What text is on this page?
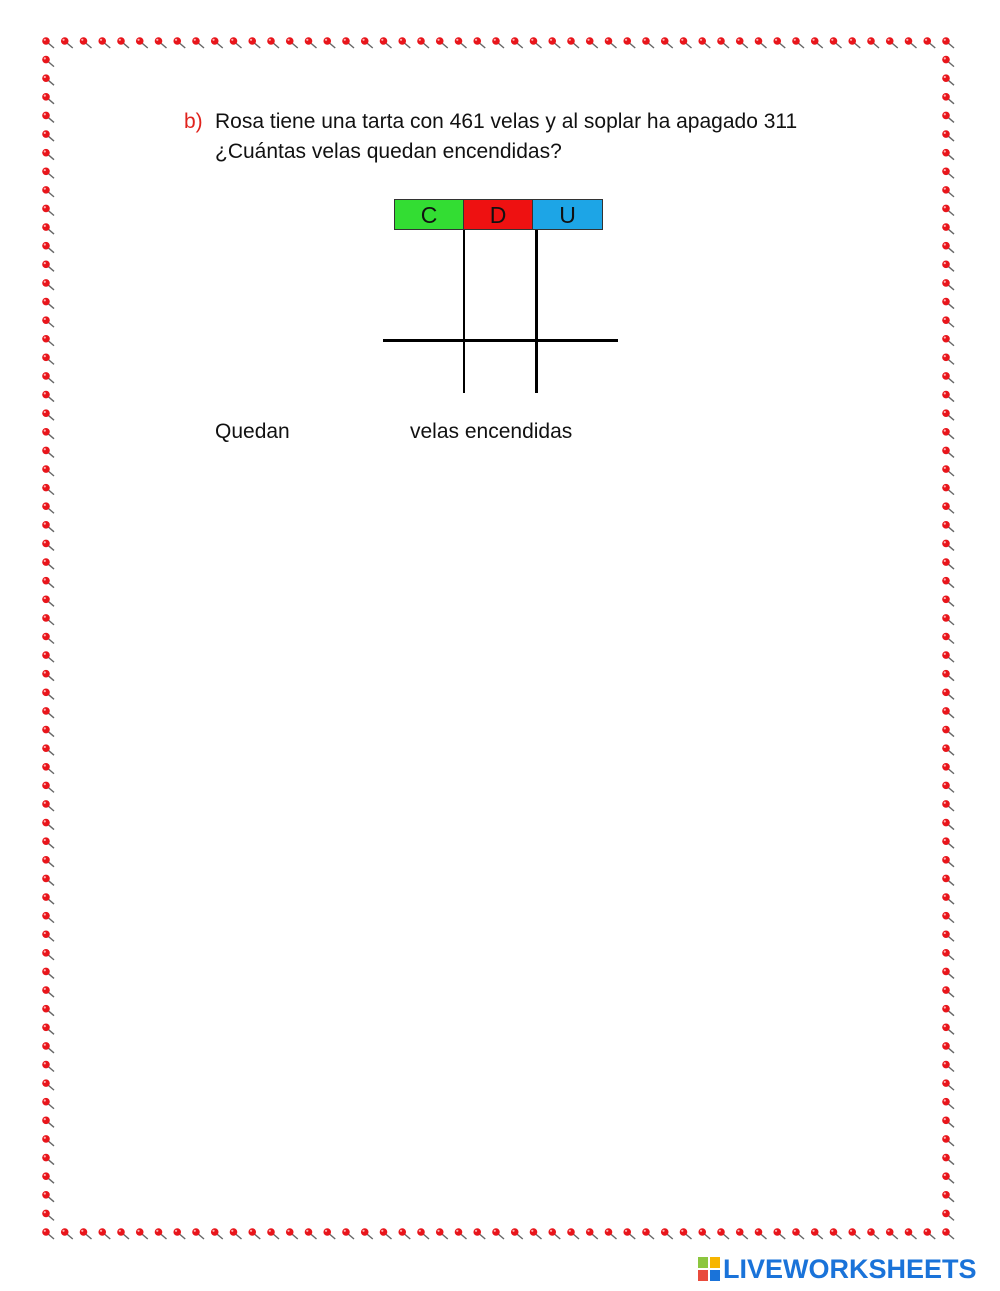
b) Rosa tiene una tarta con 461 velas y al soplar ha apagado 311
¿Cuántas velas quedan encendidas?
C	D	U
Quedan	velas encendidas
LIVEWORKSHEETS
